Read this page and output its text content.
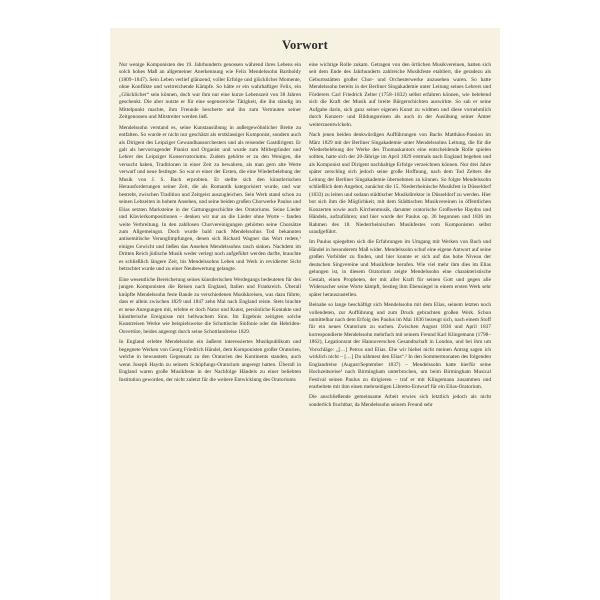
Vorwort

Nur wenige Komponisten des 19. Jahrhunderts genossen während ihres Lebens ein solch hohes Maß an allgemeiner Anerkennung wie Felix Mendelssohn Bartholdy (1809–1847). Sein Leben verlief glänzend, voller Erfolge und glücklicher Momente, ohne Konflikte und weitreichende Kämpfe. So hätte er ein wahrhaftiger Felix, ein „Glücklicher“ sein können, doch war ihm nur eine kurze Lebenszeit von 38 Jahren geschenkt. Die aber nutzte er für eine segensreiche Tätigkeit, die ihn ständig im Mittelpunkt machte, ihm Freunde bescherte und ihn zum Vertrauten seiner Zeitgenossen und Mitstreiter werden ließ.

Mendelssohn verstand es, seine Kunstausübung in außergewöhnlicher Breite zu entfalten. So wurde er nicht nur geschätzt als erstklassiger Komponist, sondern auch als Dirigent des Leipziger Gewandhausorchesters und als reisender Gastdirigent. Er galt als hervorragender Pianist und Organist und wurde zum Mitbegründer und Lehrer des Leipziger Konservatoriums. Zudem gehörte er zu den Wenigen, die versucht haben, Traditionen in einer Zeit zu bewahren, als man gern alte Werte verwarf und neue festlegte. So war er einer der Ersten, die eine Wiederbelebung der Musik von J. S. Bach erprobten. Er stellte sich den künstlerischen Herausforderungen seiner Zeit, die als Romantik kategorisiert wurde, und war bestrebt, zwischen Tradition und Zeitgeist auszugleichen. Sein Werk stand schon zu seinen Lebzeiten in hohem Ansehen, und seine beiden großen Chorwerke Paulus und Elias setzten Marksteine in der Gattungsgeschichte des Oratoriums. Seine Lieder und Klavierkompositionen – denken wir nur an die Lieder ohne Worte – fanden weite Verbreitung. In den zahllosen Chorvereinigungen gehörten seine Chorsätze zum Allgemeingut. Doch wurde bald nach Mendelssohns Tod bekannten antisemitische Verunglimpfungen, denen sich Richard Wagner das Wort redete,¹ einiges Gewicht und ließen das Ansehen Mendelssohns rasch sinken. Nachdem im Dritten Reich jüdische Musik weder verlegt noch aufgeführt werden durfte, brauchte es schließlich längere Zeit, bis Mendelssohns Leben und Werk in revidierter Sicht betrachtet wurde und zu einer Neubewertung gelangte.

Eine wesentliche Bereicherung seines künstlerischen Werdegangs bedeuteten für den jungen Komponisten die Reisen nach England, Italien und Frankreich. Überall knüpfte Mendelssohn feste Bande zu verschiedenen Musikkreisen, was dazu führte, dass er allein zwischen 1829 und 1847 zehn Mal nach England reiste. Stets brachte er neue Anregungen mit, erlebte er doch Natur und Kunst, persönliche Kontakte und künstlerische Ereignisse mit hellwachem Sinn. Im Ergebnis zeitigten solche Kunstreisen Werke wie beispielsweise die Schottische Sinfonie oder die Hebriden-Ouvertüre, beides angeregt durch seine Schottlandreise 1829.

In England erlebte Mendelssohn ein äußerst interessiertes Musikpublikum und begegnete Werken von Georg Friedrich Händel, dem Komponisten großer Oratorien, welche in bewusstem Gegensatz zu den Oratorien des Kontinents standen, auch wenn Joseph Haydn zu seinem Schöpfungs-Oratorium angeregt hatten. Überall in England waren große Musikfeste in der Nachfolge Händels zu einer beliebten Institution geworden, der nicht zuletzt für die weitere Entwicklung des Oratoriums

eine wichtige Rolle zukam. Getragen von den örtlichen Musikvereinen, hatten sich seit dem Ende des Jahrhunderts zahlreiche Musikfeste etabliert, die geradezu als Geburtsstätten großer Chor- und Orchesterwerke anzusehen waren. So hatte Mendelssohn bereits in der Berliner Singakademie unter Leitung seines Lehrers und Förderers Carl Friedrich Zelter (1758–1832) selbst erfahren können, wie belebend sich die Kraft der Musik auf breite Bürgerschichten auswirkte. So sah er seine Aufgabe darin, sich ganz seiner eigenen Kunst zu widmen und diese vornehmlich durch Konzert- und Bildungsreisen als auch in der Ausübung seiner Ämter weiterzuentwickeln.

Nach jenen beiden denkwürdigen Aufführungen von Bachs Matthäus-Passion im März 1829 mit der Berliner Singakademie unter Mendelssohns Leitung, die für die Wiederbelebung der Werke des Thomaskantors eine entscheidende Rolle spielen sollten, hatte sich der 20-Jährige im April 1829 erstmals nach England begeben und als Komponist und Dirigent nachhaltige Erfolge verzeichnen können. Nur drei Jahre später zerschlug sich jedoch seine große Hoffnung, nach dem Tod Zelters die Leitung der Berliner Singakademie übernehmen zu können. So folgte Mendelssohn schließlich dem Angebot, zunächst die 15. Niederrheinische Musikfest in Düsseldorf (1833) zu leiten und sodann städtischer Musikdirektor in Düsseldorf zu werden. Hier bot sich ihm die Möglichkeit, mit dem Städtischen Musikvereinen in öffentlichen Konzerten sowie auch Kirchenmusik, darunter oratorische Großwerke Haydns und Händels, aufzuführen; und hier wurde der Paulus op. 36 begonnen und 1836 im Rahmen des 18. Niederrheinischen Musikfestes vom Komponisten selbst uraufgeführt.

Im Paulus spiegelten sich die Erfahrungen im Umgang mit Werken von Bach und Händel in besonderem Maß wider. Mendelssohn schuf eine eigene Antwort auf seine großen Vorbilder zu finden, und hier konnte er sich auf das hohe Niveau der deutschen Singvereine und Musikfeste berufen. Wie viel mehr ihm dies im Elias gelungen ist, in diesem Oratorium zeigte Mendelssohn eine charakteristische Gestalt, einen Propheten, der mit aller Kraft für seinen Gott und gegen alle Widersacher seine Worte kämpft, bestieg ihm Ebensiegel in einem ersten Werk sehr später herauszustellen.

Beinahe so lange beschäftigt sich Mendelssohn mit dem Elias, seinem letzten noch vollendeten, zur Aufführung und zum Druck gebrachten großen Werk. Schon unmittelbar nach dem Erfolg des Paulus im Mai 1836 bezeugt sich, nach einem Stoff für ein neues Oratorium zu suchen. Zwischen August 1836 und April 1837 korrespondierte Mendelssohn mehrfach mit seinem Freund Karl Klingemann (1798–1862), Legationsrat der Hannoverschen Gesandtschaft in London, und bei ihm um Vorschläge: „[…] Petrus und Elias. Ehe wir hiebei nicht meinen Antrag sagen ich wirklich nicht – […] Du nähmest den Elias“.² In den Sommermonaten des folgenden Englandreise (August/September 1837) – Mendelssohn hatte hierfür seine Hochzeitsreise³ nach Birmingham unterbrochen, um beim Birmingham Musical Festival seinen Paulus zu dirigieren – traf er mit Klingemann zusammen und erarbeitete mit ihm einen mehrseitigen Libretto-Entwurf für ein Elias-Oratorium.

Die anschließende gemeinsame Arbeit erwies sich letztlich jedoch als nicht sonderlich fruchtbar, da Mendelssohn seinem Freund sehr
